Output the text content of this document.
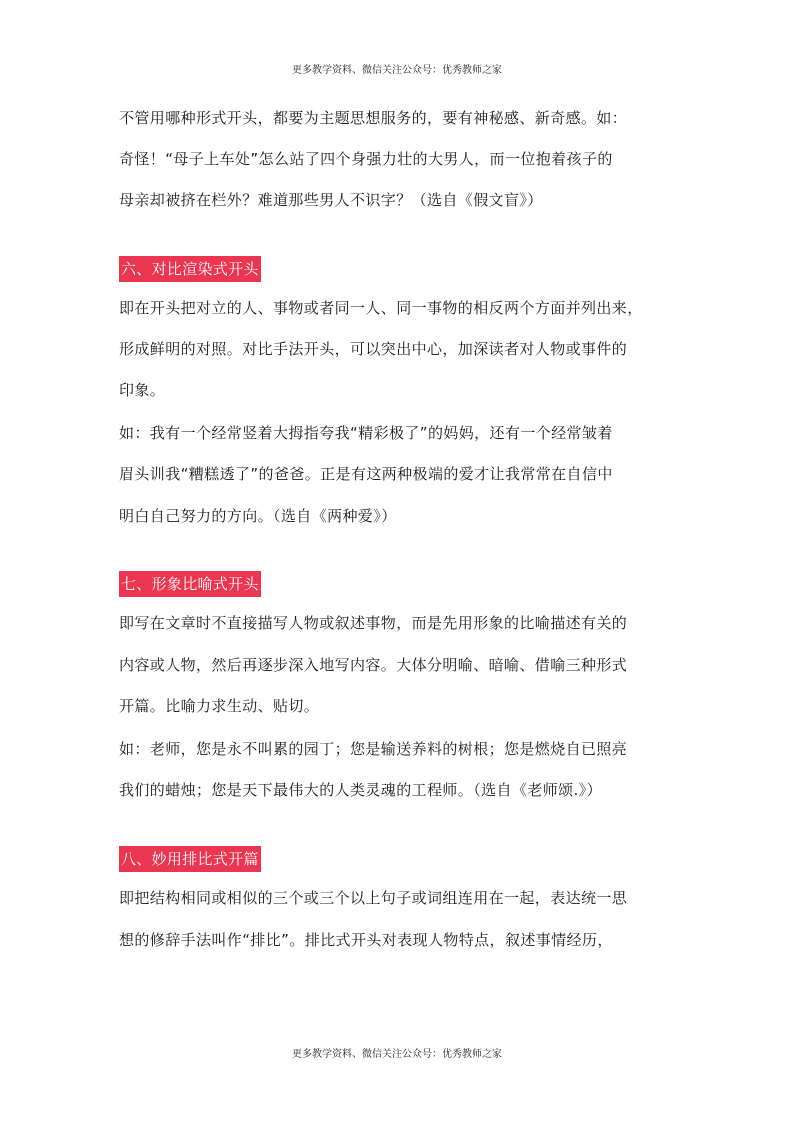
更多教学资料、微信关注公众号：优秀教师之家
不管用哪种形式开头，都要为主题思想服务的，要有神秘感、新奇感。如：
奇怪！“母子上车处”怎么站了四个身强力壮的大男人，而一位抱着孩子的
母亲却被挤在栏外？难道那些男人不识字？（选自《假文盲》）
六、对比渲染式开头
即在开头把对立的人、事物或者同一人、同一事物的相反两个方面并列出来，
形成鲜明的对照。对比手法开头，可以突出中心，加深读者对人物或事件的
印象。
如：我有一个经常竖着大拇指夸我“精彩极了”的妈妈，还有一个经常皱着
眉头训我“糟糕透了”的爸爸。正是有这两种极端的爱才让我常常在自信中
明白自己努力的方向。（选自《两种爱》）
七、形象比喻式开头
即写在文章时不直接描写人物或叙述事物，而是先用形象的比喻描述有关的
内容或人物，然后再逐步深入地写内容。大体分明喻、暗喻、借喻三种形式
开篇。比喻力求生动、贴切。
如：老师，您是永不叫累的园丁；您是输送养料的树根；您是燃烧自已照亮
我们的蜡烛；您是天下最伟大的人类灵魂的工程师。（选自《老师颂.》）
八、妙用排比式开篇
即把结构相同或相似的三个或三个以上句子或词组连用在一起，表达统一思
想的修辞手法叫作“排比”。排比式开头对表现人物特点，叙述事情经历，
更多教学资料、微信关注公众号：优秀教师之家
